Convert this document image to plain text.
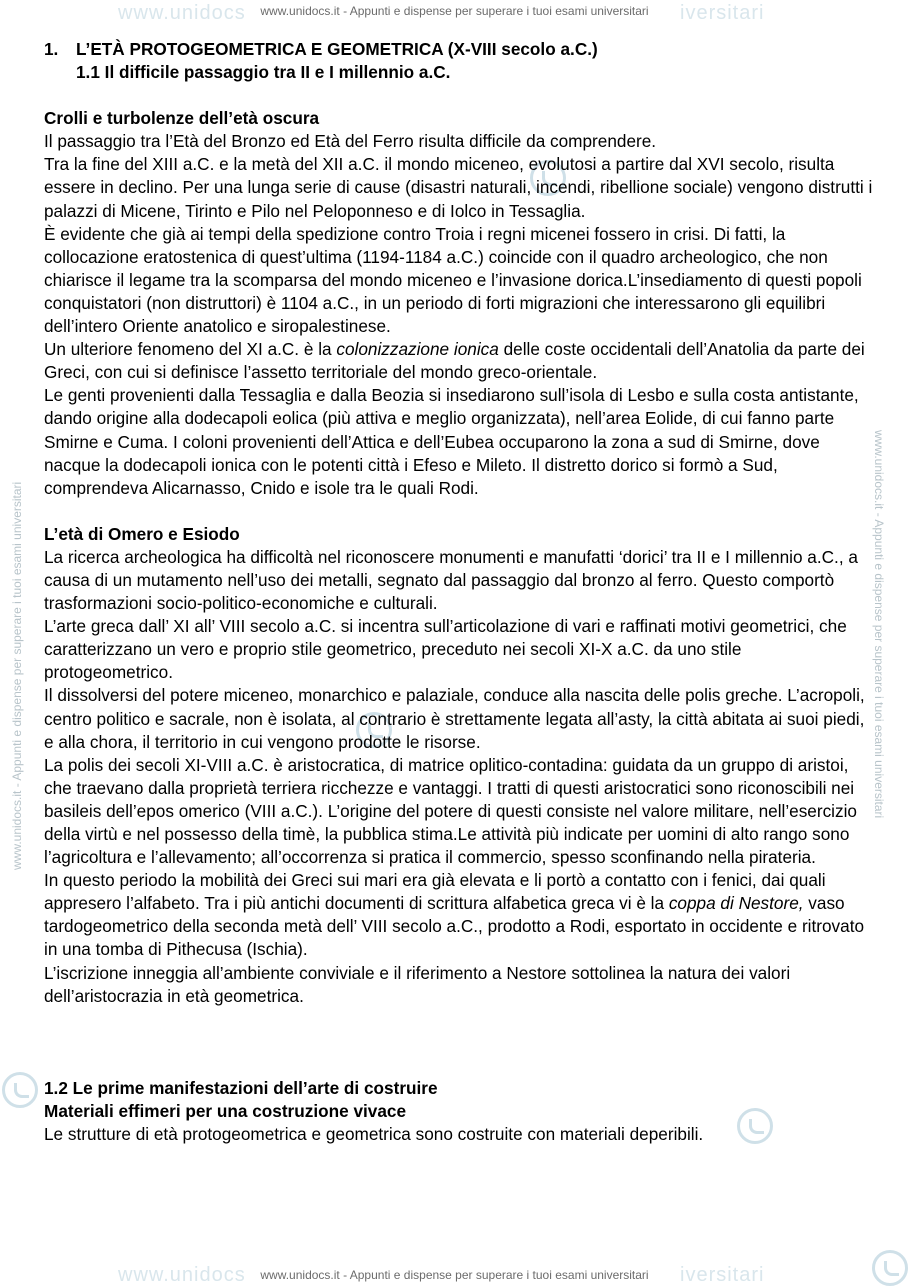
www.unidocs	iversitari
www.unidocs.it - Appunti e dispense per superare i tuoi esami universitari
www.unidocs	iversitari
www.unidocs.it - Appunti e dispense per superare i tuoi esami universitari
www.unidocs.it - Appunti e dispense per superare i tuoi esami universitari	www.unidocs.it - Appunti e dispense per superare i tuoi esami universitari
1. L’ETÀ PROTOGEOMETRICA E GEOMETRICA (X-VIII secolo a.C.)
1.1 Il difficile passaggio tra II e I millennio a.C.
Crolli e turbolenze dell’età oscura

Il passaggio tra l’Età del Bronzo ed Età del Ferro risulta difficile da comprendere.

Tra la fine del XIII a.C. e la metà del XII a.C. il mondo miceneo, evolutosi a partire dal XVI secolo, risulta essere in declino. Per una lunga serie di cause (disastri naturali, incendi, ribellione sociale) vengono distrutti i palazzi di Micene, Tirinto e Pilo nel Peloponneso e di Iolco in Tessaglia.

È evidente che già ai tempi della spedizione contro Troia i regni micenei fossero in crisi. Di fatti, la collocazione eratostenica di quest’ultima (1194-1184 a.C.) coincide con il quadro archeologico, che non chiarisce il legame tra la scomparsa del mondo miceneo e l’invasione dorica.L’insediamento di questi popoli conquistatori (non distruttori) è 1104 a.C., in un periodo di forti migrazioni che interessarono gli equilibri dell’intero Oriente anatolico e siropalestinese.

Un ulteriore fenomeno del XI a.C. è la colonizzazione ionica delle coste occidentali dell’Anatolia da parte dei Greci, con cui si definisce l’assetto territoriale del mondo greco-orientale.

Le genti provenienti dalla Tessaglia e dalla Beozia si insediarono sull’isola di Lesbo e sulla costa antistante, dando origine alla dodecapoli eolica (più attiva e meglio organizzata), nell’area Eolide, di cui fanno parte Smirne e Cuma. I coloni provenienti dell’Attica e dell’Eubea occuparono la zona a sud di Smirne, dove nacque la dodecapoli ionica con le potenti città i Efeso e Mileto. Il distretto dorico si formò a Sud, comprendeva Alicarnasso, Cnido e isole tra le quali Rodi.

L’età di Omero e Esiodo

La ricerca archeologica ha difficoltà nel riconoscere monumenti e manufatti ‘dorici’ tra II e I millennio a.C., a causa di un mutamento nell’uso dei metalli, segnato dal passaggio dal bronzo al ferro. Questo comportò trasformazioni socio-politico-economiche e culturali.

L’arte greca dall’ XI all’ VIII secolo a.C. si incentra sull’articolazione di vari e raffinati motivi geometrici, che caratterizzano un vero e proprio stile geometrico, preceduto nei secoli XI-X a.C. da uno stile protogeometrico.

Il dissolversi del potere miceneo, monarchico e palaziale, conduce alla nascita delle polis greche. L’acropoli, centro politico e sacrale, non è isolata, al contrario è strettamente legata all’asty, la città abitata ai suoi piedi, e alla chora, il territorio in cui vengono prodotte le risorse.

La polis dei secoli XI-VIII a.C. è aristocratica, di matrice oplitico-contadina: guidata da un gruppo di aristoi, che traevano dalla proprietà terriera ricchezze e vantaggi. I tratti di questi aristocratici sono riconoscibili nei basileis dell’epos omerico (VIII a.C.). L’origine del potere di questi consiste nel valore militare, nell’esercizio della virtù e nel possesso della timè, la pubblica stima.Le attività più indicate per uomini di alto rango sono l’agricoltura e l’allevamento; all’occorrenza si pratica il commercio, spesso sconfinando nella pirateria.

In questo periodo la mobilità dei Greci sui mari era già elevata e li portò a contatto con i fenici, dai quali appresero l’alfabeto. Tra i più antichi documenti di scrittura alfabetica greca vi è la coppa di Nestore, vaso tardogeometrico della seconda metà dell’ VIII secolo a.C., prodotto a Rodi, esportato in occidente e ritrovato in una tomba di Pithecusa (Ischia).

L’iscrizione inneggia all’ambiente conviviale e il riferimento a Nestore sottolinea la natura dei valori dell’aristocrazia in età geometrica.

1.2 Le prime manifestazioni dell’arte di costruire
Materiali effimeri per una costruzione vivace

Le strutture di età protogeometrica e geometrica sono costruite con materiali deperibili.
